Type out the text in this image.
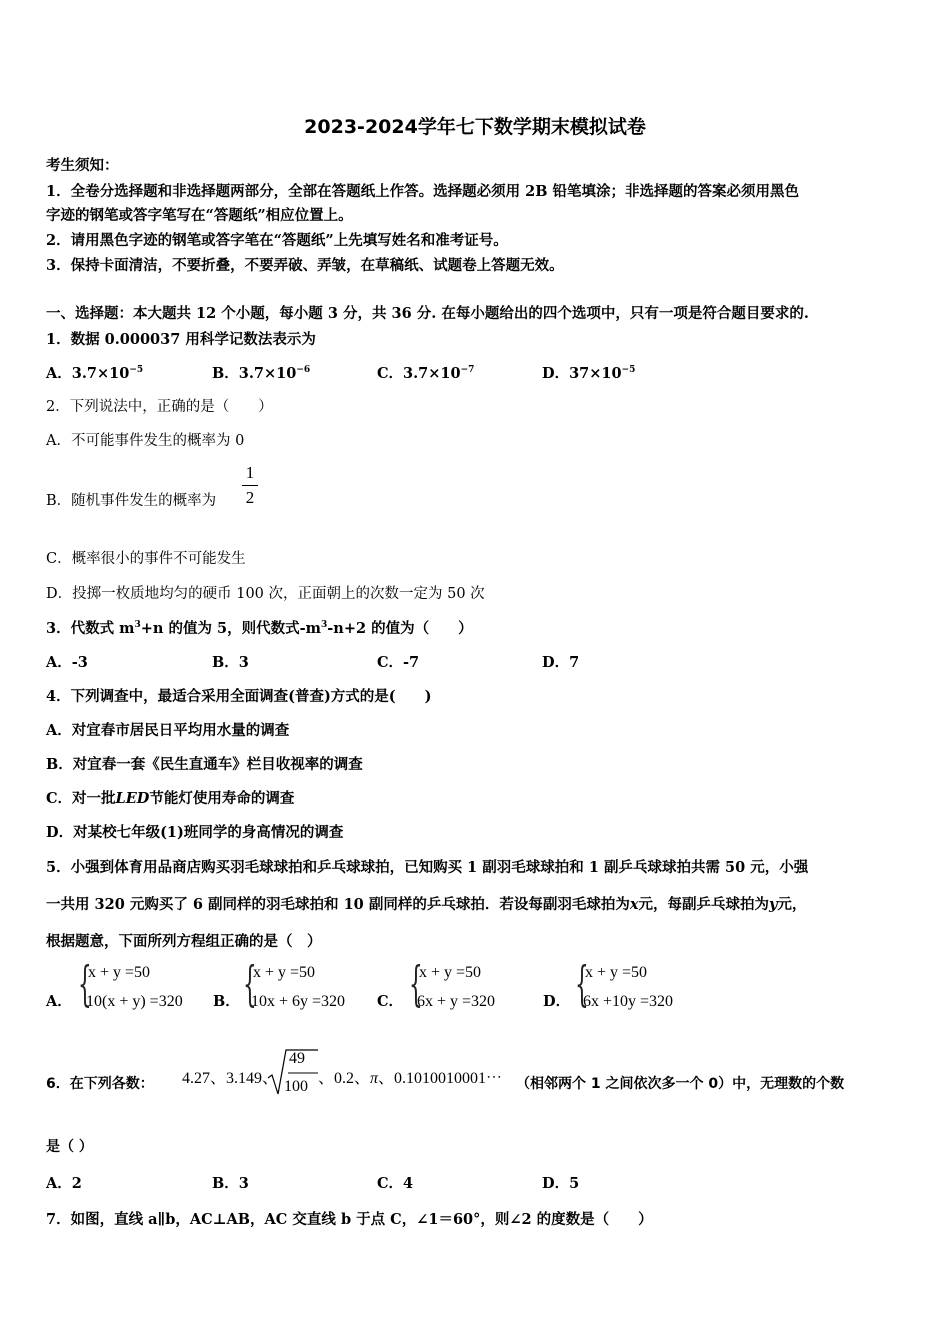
2023-2024学年七下数学期末模拟试卷
考生须知：
1．全卷分选择题和非选择题两部分，全部在答题纸上作答。选择题必须用 2B 铅笔填涂；非选择题的答案必须用黑色
字迹的钢笔或答字笔写在“答题纸”相应位置上。
2．请用黑色字迹的钢笔或答字笔在“答题纸”上先填写姓名和准考证号。
3．保持卡面清洁，不要折叠，不要弄破、弄皱，在草稿纸、试题卷上答题无效。
一、选择题：本大题共 12 个小题，每小题 3 分，共 36 分. 在每小题给出的四个选项中，只有一项是符合题目要求的.
1．数据 0.000037 用科学记数法表示为
A．$3.7\times 10^{-5}$	B．$3.7\times 10^{-6}$	C．$3.7\times 10^{-7}$	D．$37\times 10^{-5}$
2．下列说法中，正确的是（　　）
A．不可能事件发生的概率为 0
B．随机事件发生的概率为
1
2
C．概率很小的事件不可能发生
D．投掷一枚质地均匀的硬币 100 次，正面朝上的次数一定为 50 次
3．代数式 $m^3+n$ 的值为 5，则代数式$-m^3-n+2$ 的值为（　　）
A．-3	B．3	C．-7	D．7
4．下列调查中，最适合采用全面调查(普查)方式的是(　　)
A．对宜春市居民日平均用水量的调查
B．对宜春一套《民生直通车》栏目收视率的调查
C．对一批LED节能灯使用寿命的调查
D．对某校七年级(1)班同学的身高情况的调查
5．小强到体育用品商店购买羽毛球球拍和乒乓球球拍，已知购买 1 副羽毛球球拍和 1 副乒乓球球拍共需 50 元，小强
一共用 320 元购买了 6 副同样的羽毛球拍和 10 副同样的乒乓球拍．若设每副羽毛球拍为x元，每副乒乓球拍为y元，
根据题意，下面所列方程组正确的是（　）
A． {
x + y =50
10(x + y) =320 B． {
x + y =50
10x + 6y =320 C． {
x + y =50
6x + y =320	D． {
x + y =50
6x +10y =320
6．在下列各数： 4.27、3.149、
49
100 、0.2、π、0.1010010001⋯ （相邻两个 1 之间依次多一个 0）中，无理数的个数
是（ ）
A．2	B．3	C．4	D．5
7．如图，直线 a∥b，AC⊥AB，AC 交直线 b 于点 C，∠1＝60°，则∠2 的度数是（　　）
